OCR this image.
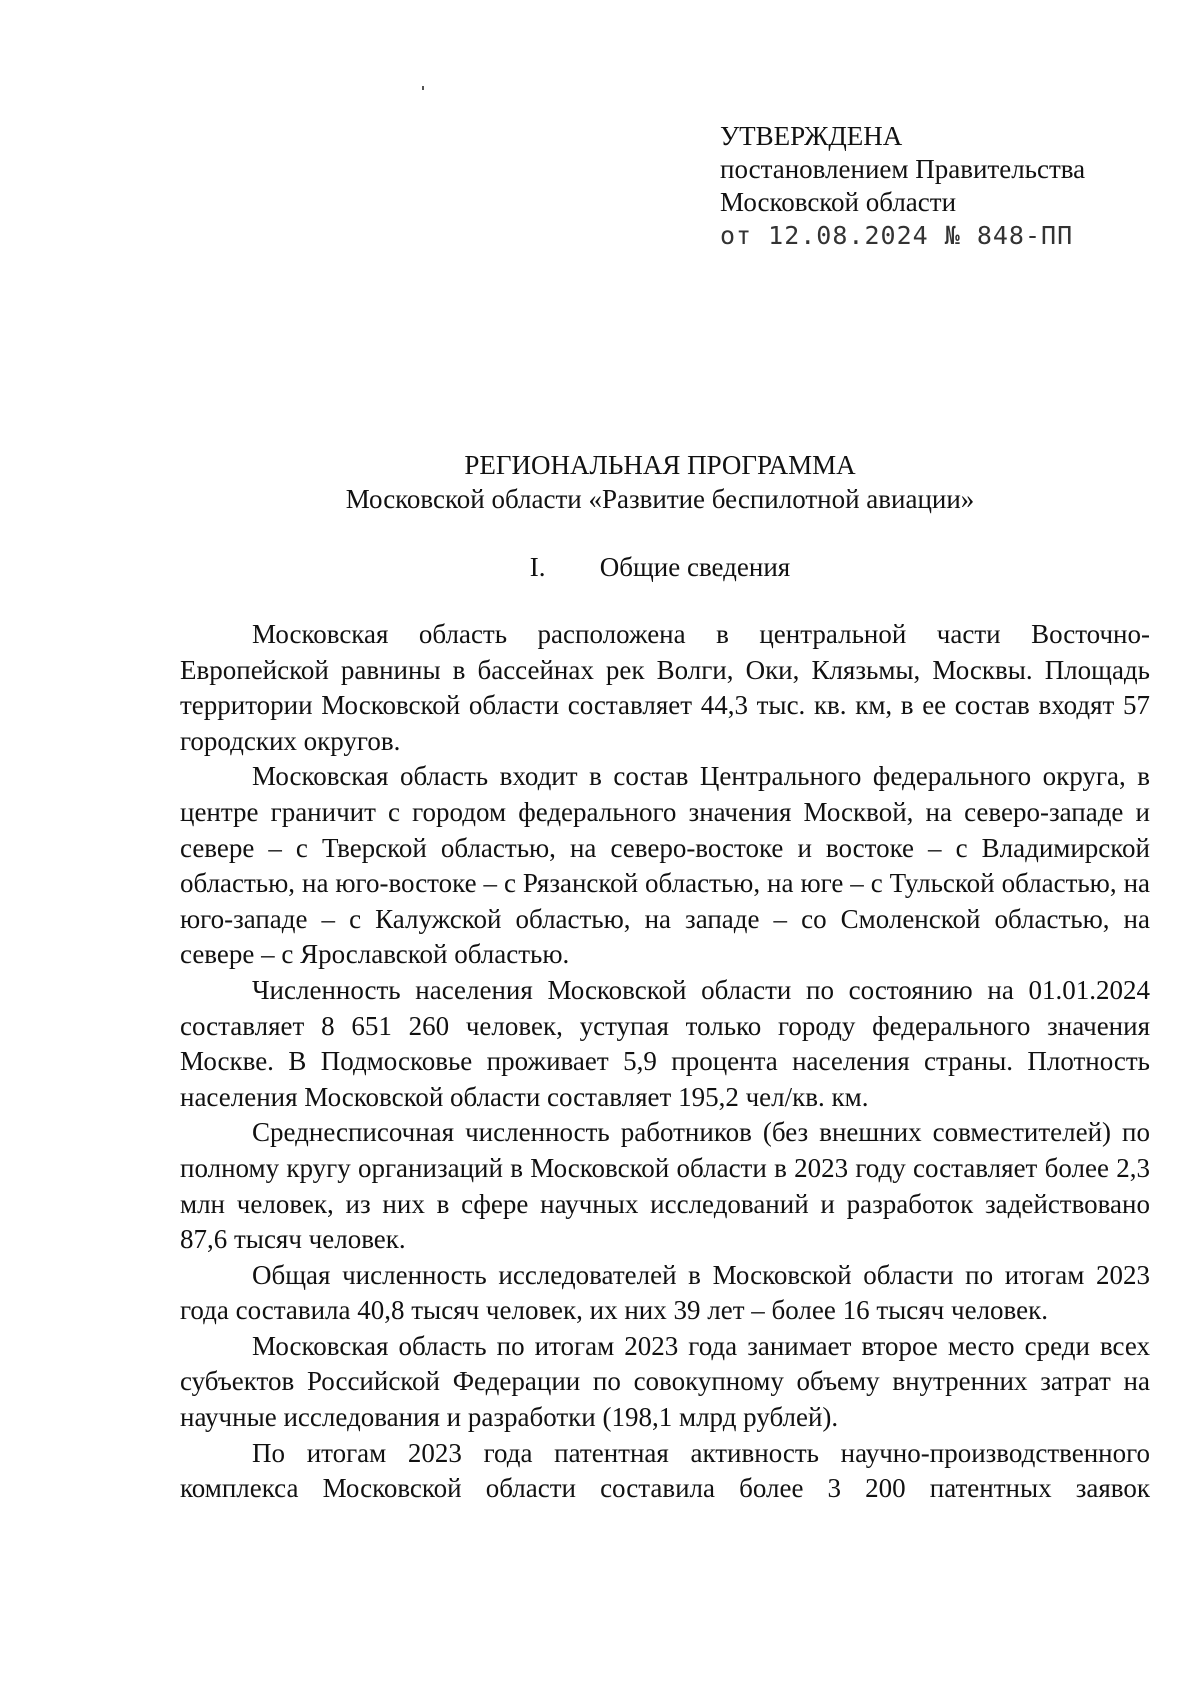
УТВЕРЖДЕНА
постановлением Правительства
Московской области
от 12.08.2024 № 848-ПП
РЕГИОНАЛЬНАЯ ПРОГРАММА
Московской области «Развитие беспилотной авиации»
I. Общие сведения

Московская область расположена в центральной части Восточно-Европейской равнины в бассейнах рек Волги, Оки, Клязьмы, Москвы. Площадь территории Московской области составляет 44,3 тыс. кв. км, в ее состав входят 57 городских округов.

Московская область входит в состав Центрального федерального округа, в центре граничит с городом федерального значения Москвой, на северо-западе и севере – с Тверской областью, на северо-востоке и востоке – с Владимирской областью, на юго-востоке – с Рязанской областью, на юге – с Тульской областью, на юго-западе – с Калужской областью, на западе – со Смоленской областью, на севере – с Ярославской областью.

Численность населения Московской области по состоянию на 01.01.2024 составляет 8 651 260 человек, уступая только городу федерального значения Москве. В Подмосковье проживает 5,9 процента населения страны. Плотность населения Московской области составляет 195,2 чел/кв. км.

Среднесписочная численность работников (без внешних совместителей) по полному кругу организаций в Московской области в 2023 году составляет более 2,3 млн человек, из них в сфере научных исследований и разработок задействовано 87,6 тысяч человек.

Общая численность исследователей в Московской области по итогам 2023 года составила 40,8 тысяч человек, их них 39 лет – более 16 тысяч человек.

Московская область по итогам 2023 года занимает второе место среди всех субъектов Российской Федерации по совокупному объему внутренних затрат на научные исследования и разработки (198,1 млрд рублей).

По итогам 2023 года патентная активность научно-производственного комплекса Московской области составила более 3 200 патентных заявок
